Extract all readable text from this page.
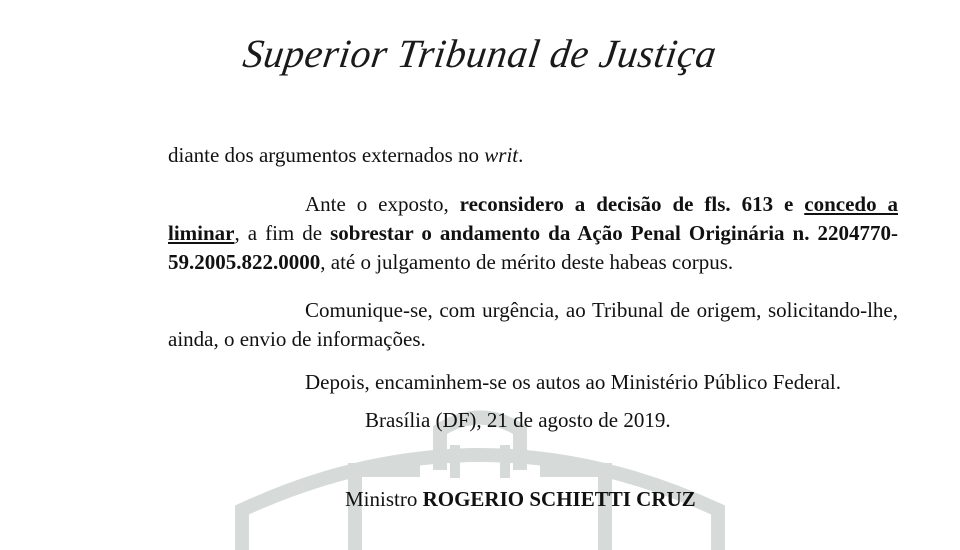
Superior Tribunal de Justiça

diante dos argumentos externados no writ.

Ante o exposto, reconsidero a decisão de fls. 613 e concedo a liminar, a fim de sobrestar o andamento da Ação Penal Originária n. 2204770-59.2005.822.0000, até o julgamento de mérito deste habeas corpus.

Comunique-se, com urgência, ao Tribunal de origem, solicitando-lhe, ainda, o envio de informações.

Depois, encaminhem-se os autos ao Ministério Público Federal.

Brasília (DF), 21 de agosto de 2019.

Ministro ROGERIO SCHIETTI CRUZ
